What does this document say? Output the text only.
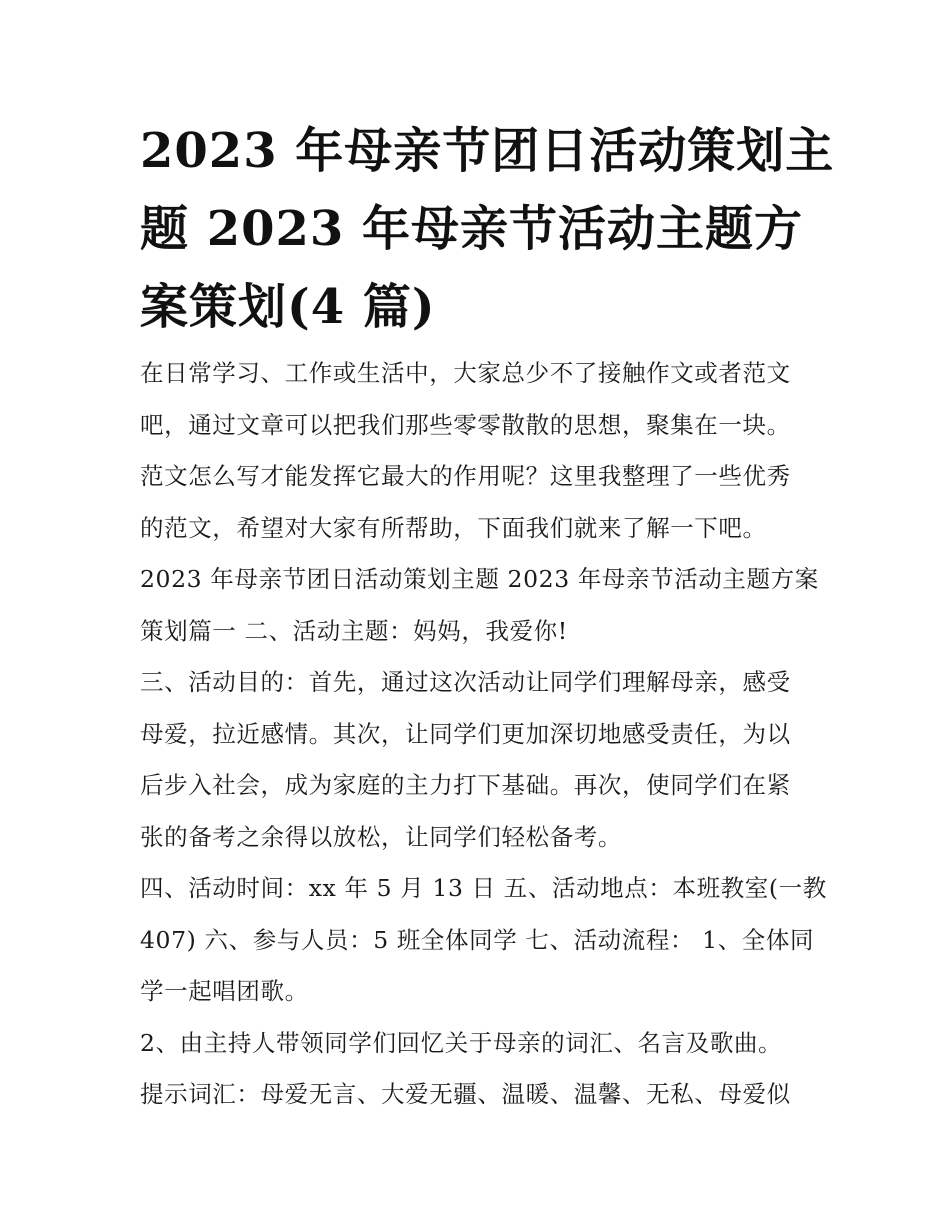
2023 年母亲节团日活动策划主
题 2023 年母亲节活动主题方
案策划(4 篇)
在日常学习、工作或生活中，大家总少不了接触作文或者范文
吧，通过文章可以把我们那些零零散散的思想，聚集在一块。
范文怎么写才能发挥它最大的作用呢？这里我整理了一些优秀
的范文，希望对大家有所帮助，下面我们就来了解一下吧。
2023 年母亲节团日活动策划主题 2023 年母亲节活动主题方案
策划篇一 二、活动主题：妈妈，我爱你!
三、活动目的：首先，通过这次活动让同学们理解母亲，感受
母爱，拉近感情。其次，让同学们更加深切地感受责任，为以
后步入社会，成为家庭的主力打下基础。再次，使同学们在紧
张的备考之余得以放松，让同学们轻松备考。
四、活动时间：xx 年 5 月 13 日 五、活动地点：本班教室(一教
407) 六、参与人员：5 班全体同学 七、活动流程： 1、全体同
学一起唱团歌。
2、由主持人带领同学们回忆关于母亲的词汇、名言及歌曲。
提示词汇：母爱无言、大爱无疆、温暖、温馨、无私、母爱似
